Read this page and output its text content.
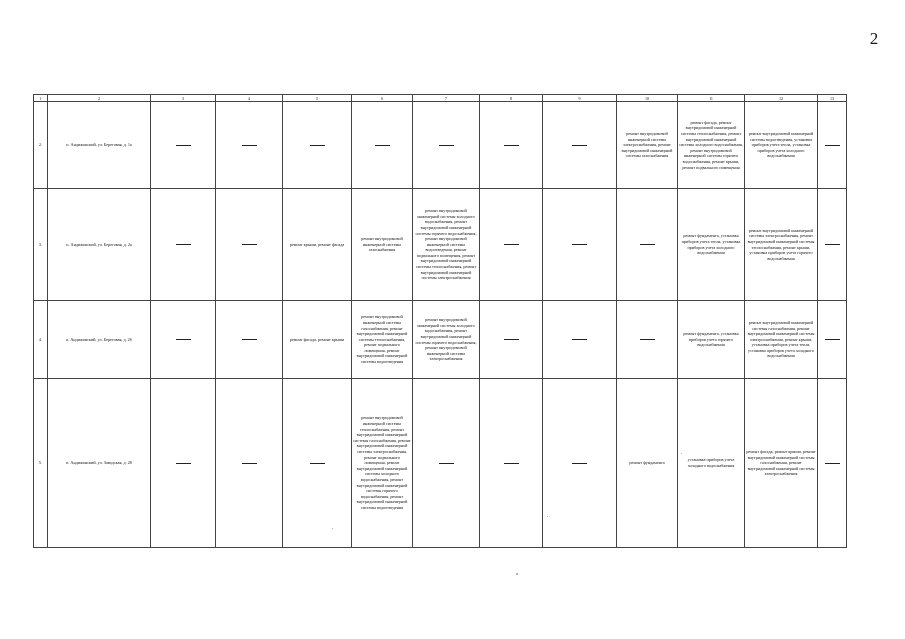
2
1	2	3	4	5	6	7	8	9	10	11	12	13
2.	п. Андижонский, ул. Береговая, д. 1а								ремонт внутридомовой инженерной системы электроснабжения, ремонт внутридомовой инженерной системы газоснабжения	ремонт фасада, ремонт внутридомовой инженерной системы теплоснабжения, ремонт внутридомовой инженерной системы холодного водоснабжения, ремонт внутридомовой инженерной системы горячего водоснабжения, ремонт крыши, ремонт подвального помещения	ремонт внутридомовой инженерной системы водоотведения, установка приборов учета тепла, установка приборов учета холодного водоснабжения	
3.	п. Андижонский, ул. Береговая, д. 2а			ремонт крыши, ремонт фасада	ремонт внутридомовой инженерной системы газоснабжения	ремонт внутридомовой инженерной системы холодного водоснабжения, ремонт внутридомовой инженерной системы горячего водоснабжения, ремонт внутридомовой инженерной системы водоотведения, ремонт подвального помещения, ремонт внутридомовой инженерной системы теплоснабжения, ремонт внутридомовой инженерной системы электроснабжения				ремонт фундамента, установка приборов учета тепла, установка приборов учета холодного водоснабжения	ремонт внутридомовой инженерной системы электроснабжения, ремонт внутридомовой инженерной системы теплоснабжения, ремонт крыши, установка приборов учета горячего водоснабжения	
4.	п. Андижонский, ул. Береговая, д. 2б			ремонт фасада, ремонт крыши	ремонт внутридомовой инженерной системы газоснабжения, ремонт внутридомовой инженерной системы теплоснабжения, ремонт подвального помещения, ремонт внутридомовой инженерной системы водоотведения	ремонт внутридомовой инженерной системы холодного водоснабжения, ремонт внутридомовой инженерной системы горячего водоснабжения, ремонт внутридомовой инженерной системы электроснабжения				ремонт фундамента, установка приборов учета горячего водоснабжения	ремонт внутридомовой инженерной системы газоснабжения, ремонт внутридомовой инженерной системы электроснабжения, ремонт крыши, установка приборов учета тепла, установка приборов учета холодного водоснабжения	
5.	п. Андижонский, ул. Заводская, д. 28				ремонт внутридомовой инженерной системы теплоснабжения, ремонт внутридомовой инженерной системы газоснабжения, ремонт внутридомовой инженерной системы электроснабжения, ремонт подвального помещения, ремонт внутридомовой инженерной системы холодного водоснабжения, ремонт внутридомовой инженерной системы горячего водоснабжения, ремонт внутридомовой инженерной системы водоотведения				ремонт фундамента	установка приборов учета холодного водоснабжения	ремонт фасада, ремонт крыши, ремонт внутридомовой инженерной системы газоснабжения, ремонт внутридомовой инженерной системы электроснабжения	
